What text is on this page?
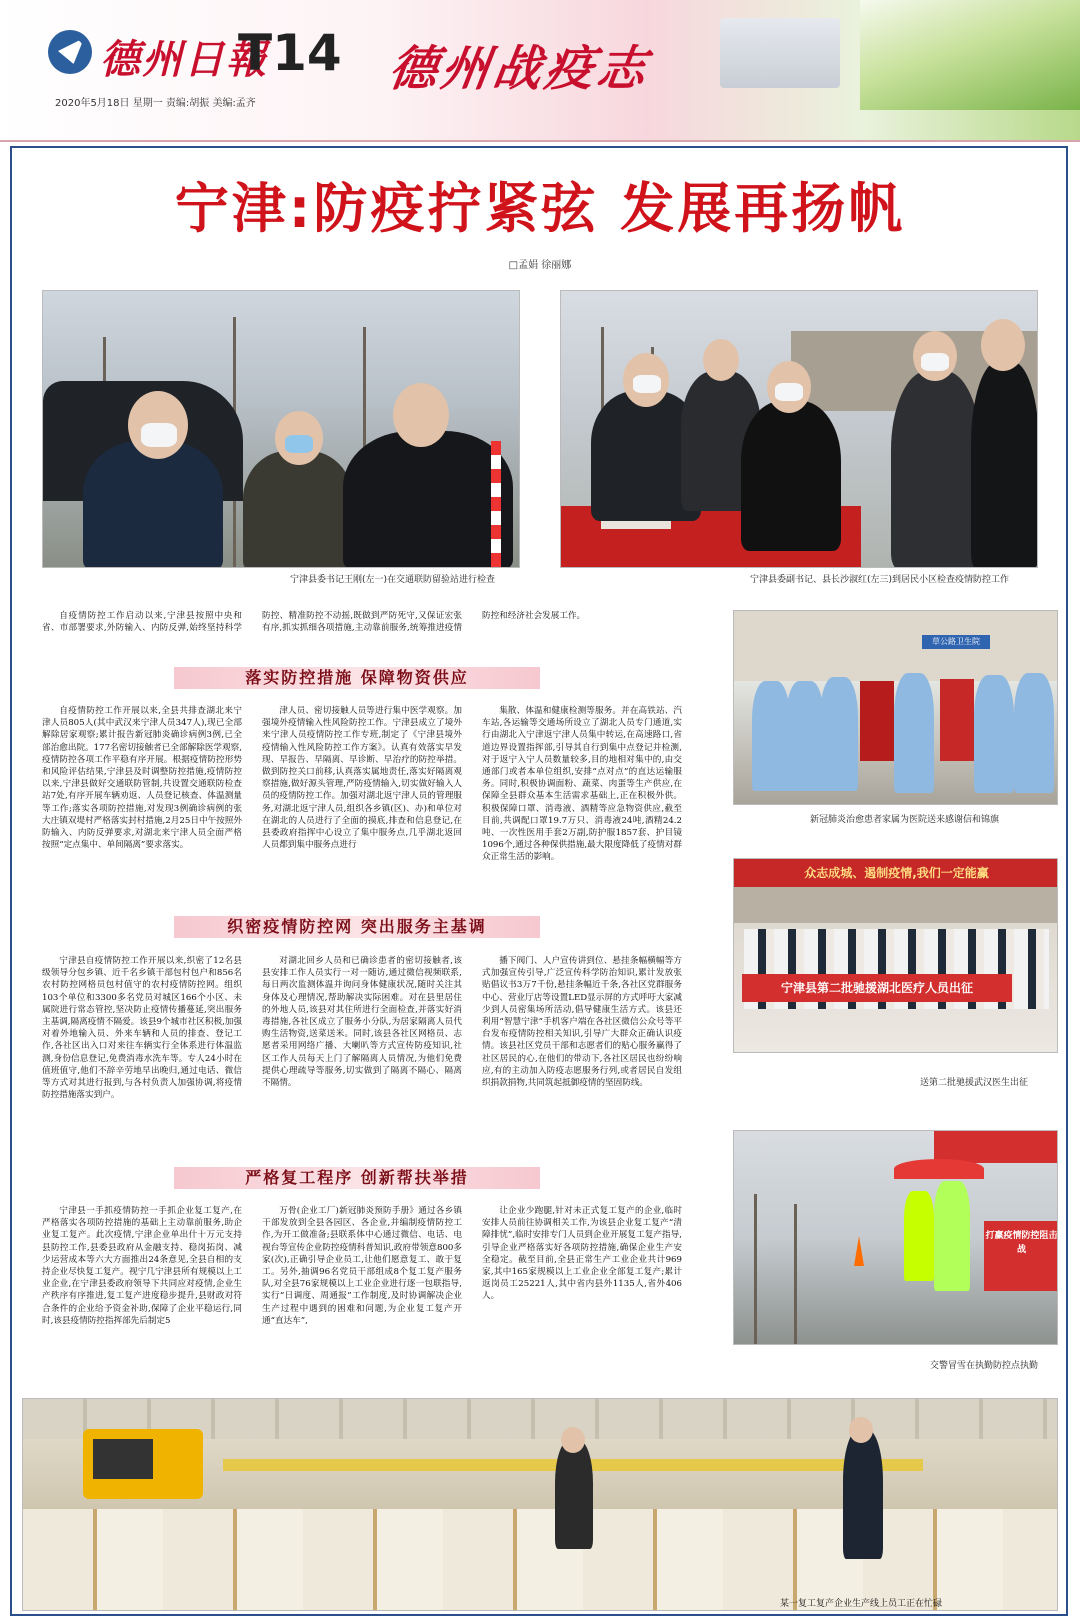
德州日報
T14
2020年5月18日 星期一 责编:胡振 美编:孟齐
德州战疫志
宁津:防疫拧紧弦 发展再扬帆
□孟娟 徐丽娜
宁津县委书记王刚(左一)在交通联防留验站进行检查	宁津县委副书记、县长沙淑红(左三)到居民小区检查疫情防控工作

自疫情防控工作启动以来,宁津县按照中央和省、市部署要求,外防输入、内防反弹,始终坚持科学防控、精准防控不动摇,既做到严防死守,又保证宏张有序,抓实抓细各项措施,主动靠前服务,统筹推进疫情防控和经济社会发展工作。

落实防控措施 保障物资供应

自疫情防控工作开展以来,全县共排查湖北来宁津人员805人(其中武汉来宁津人员347人),现已全部解除居家观察;累计报告新冠肺炎确诊病例3例,已全部治愈出院。177名密切接触者已全部解除医学观察,疫情防控各项工作平稳有序开展。根据疫情防控形势和风险评估结果,宁津县及时调整防控措施,疫情防控以来,宁津县做好交通联防管制,共设置交通联防检查站7处,有序开展车辆劝返、人员登记核查、体温测量等工作;落实各项防控措施,对发现3例确诊病例的张大庄镇双堤村严格落实封村措施,2月25日中午按照外防输入、内防反弹要求,对湖北来宁津人员全面严格按照“定点集中、单间隔离”要求落实。

津人员、密切接触人员等进行集中医学观察。加强境外疫情输入性风险防控工作。宁津县成立了境外来宁津人员疫情防控工作专班,制定了《宁津县境外疫情输入性风险防控工作方案》。认真有效落实早发现、早报告、早隔离、早诊断、早治疗的防控举措。做到防控关口前移,认真落实属地责任,落实好隔离观察措施,做好源头管理,严防疫情输入,切实做好输入人员的疫情防控工作。加强对湖北返宁津人员的管理服务,对湖北返宁津人员,组织各乡镇(区)、办)和单位对在湖北的人员进行了全面的摸底,排查和信息登记,在县委政府指挥中心设立了集中服务点,几乎湖北返回人员都到集中服务点进行

集散、体温和健康检测等服务。并在高铁站、汽车站,各运输等交通场所设立了湖北人员专门通道,实行由湖北入宁津返宁津人员集中转运,在高速路口,省道边界设置指挥部,引导其自行到集中点登记并检测,对于返宁入宁人员数量较多,目的地相对集中的,由交通部门或者本单位组织,安排“点对点”的直达运输服务。同时,积极协调面粉、蔬菜、肉蛋等生产供应,在保障全县群众基本生活需求基础上,正在积极外供。积极保障口罩、消毒液、酒精等应急物资供应,截至目前,共调配口罩19.7万只、消毒液24吨,酒精24.2吨、一次性医用手套2万副,防护服1857套、护目镜1096个,通过各种保供措施,最大限度降低了疫情对群众正常生活的影响。

织密疫情防控网 突出服务主基调

宁津县自疫情防控工作开展以来,织密了12名县级领导分包乡镇、近千名乡镇干部包村包户和856名农村防控网格员包村值守的农村疫情防控网。组织103个单位和3300多名党员对城区166个小区、未属院进行常态管控,坚决防止疫情传播蔓延,突出服务主基调,隔离疫情不隔爱。该县9个城市社区积极,加强对着外地输入员、外来车辆和人员的排查、登记工作,各社区出入口对来往车辆实行全体系进行体温监测,身份信息登记,免费消毒水洗车等。专人24小时在值班值守,他们不辞辛劳地早出晚归,通过电话、微信等方式对其进行报到,与各村负责人加强协调,将疫情防控措施落实到户。

对湖北回乡人员和已确诊患者的密切接触者,该县安排工作人员实行一对一随访,通过微信视频联系,每日两次监测体温并询问身体健康状况,随时关注其身体及心理情况,帮助解决实际困难。对在县里居住的外地人员,该县对其住所进行全面检查,并落实好消毒措施,各社区成立了服务小分队,为居家隔离人员代购生活物资,送菜送米。同时,该县各社区网格员、志愿者采用网络广播、大喇叭等方式宣传防疫知识,社区工作人员每天上门了解隔离人员情况,为他们免费提供心理疏导等服务,切实做到了隔离不隔心、隔离不隔情。

播下阀门、人户宣传讲到位、悬挂条幅横幅等方式加强宣传引导,广泛宣传科学防治知识,累计发放张贴倡议书3万7千份,悬挂条幅近千条,各社区党群服务中心、营业厅店等设置LED显示屏的方式呼吁大家减少到人员密集场所活动,倡导健康生活方式。该县还利用“智慧宁津”手机客户端在各社区微信公众号等平台发布疫情防控相关知识,引导广大群众正确认识疫情。该县社区党员干部和志愿者们的贴心服务赢得了社区居民的心,在他们的带动下,各社区居民也纷纷响应,有的主动加入防疫志愿服务行列,或者居民自发组织捐款捐物,共同筑起抵御疫情的坚固防线。

严格复工程序 创新帮扶举措

宁津县一手抓疫情防控一手抓企业复工复产,在严格落实各项防控措施的基础上主动靠前服务,助企业复工复产。此次疫情,宁津企业单出什十万元支持县防控工作,县委县政府从金融支持、稳岗拓岗、减少运营成本等六大方面推出24条意见,全县自相的支持企业尽快复工复产。视宁几宁津县所有规模以上工业企业,在宁津县委政府领导下共同应对疫情,企业生产秩序有序推进,复工复产进度稳步提升,县财政对符合条件的企业给予资金补助,保障了企业平稳运行,同时,该县疫情防控指挥部先后制定5

万骨(企业工厂)新冠肺炎预防手册》通过各乡镇干部发放到全县各园区、各企业,并编制疫情防控工作,为开工做准备;县联系体中心通过微信、电话、电视台等宣传企业防控疫情科普知识,政府带领意800多家(次),正确引导企业员工,让他们愿意复工、敢于复工。另外,抽调96名党员干部组成8个复工复产服务队,对全县76家规模以上工业企业进行逐一包联指导,实行“日调度、周通报”工作制度,及时协调解决企业生产过程中遇到的困难和问题,为企业复工复产开通“直达车”,

让企业少跑腿,针对未正式复工复产的企业,临时安排人员前往协调相关工作,为该县企业复工复产“清障排忧”,临时安排专门人员到企业开展复工复产指导,引导企业严格落实好各项防控措施,确保企业生产安全稳定。截至目前,全县正常生产工业企业共计969家,其中165家规模以上工业企业全部复工复产;累计返岗员工25221人,其中省内县外1135人,省外406人。

草公路卫生院
新冠肺炎治愈患者家属为医院送来感谢信和锦旗
众志成城、遏制疫情,我们一定能赢
宁津县第二批驰援湖北医疗人员出征
送第二批驰援武汉医生出征
打赢疫情防控阻击战
交警冒雪在执勤防控点执勤
某一复工复产企业生产线上员工正在忙碌
